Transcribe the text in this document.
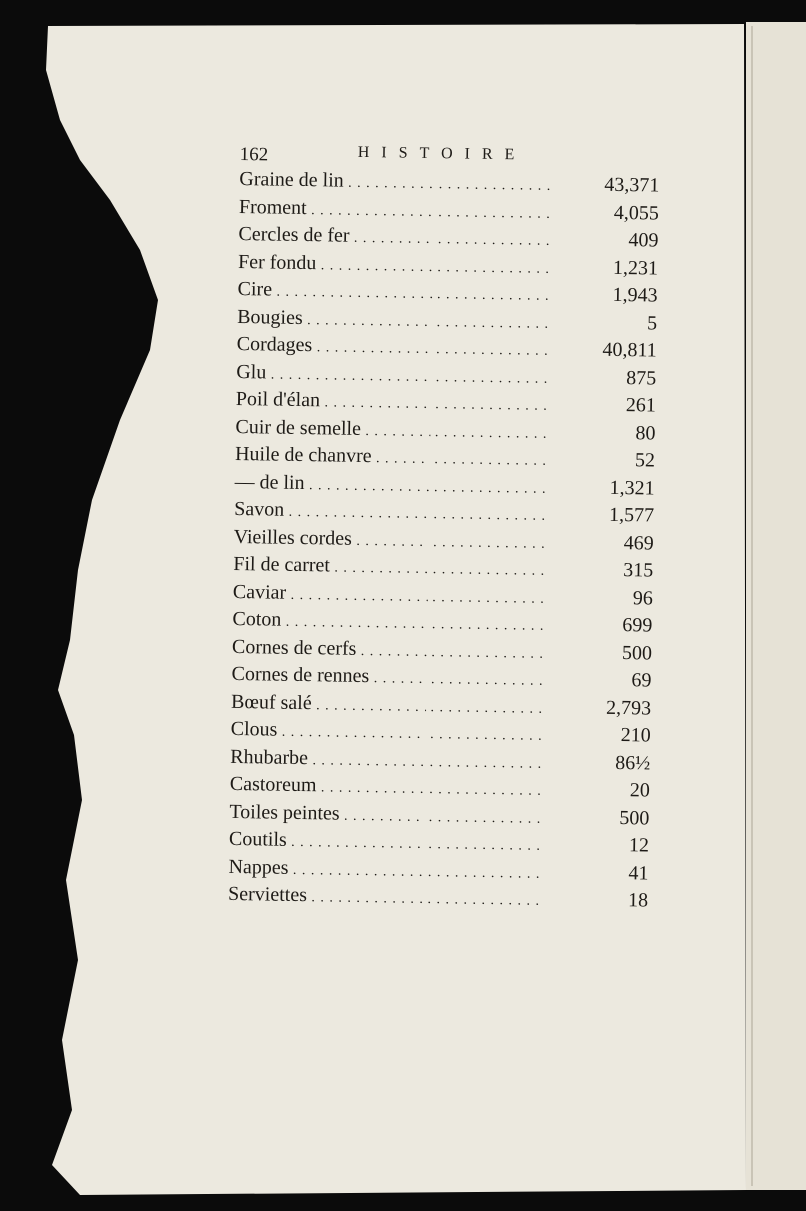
162	HISTOIRE
Graine de lin . . . . . .	43,371
Froment . . . . . .	4,055
Cercles de fer . . . . . .	409
Fer fondu . . . . . .	1,231
Cire . . . . . .	1,943
Bougies . . . . . .	5
Cordages . . . . . .	40,811
Glu . . . . . .	875
Poil d'élan . . . . . .	261
Cuir de semelle . . . . . .	80
Huile de chanvre . . . . . .	52
— de lin . . . . . .	1,321
Savon . . . . . .	1,577
Vieilles cordes . . . . . .	469
Fil de carret . . . . . .	315
Caviar . . . . . .	96
Coton . . . . . .	699
Cornes de cerfs . . . . . .	500
Cornes de rennes . . . . . .	69
Bœuf salé . . . . . .	2,793
Clous . . . . . .	210
Rhubarbe . . . . . .	86½
Castoreum . . . . . .	20
Toiles peintes . . . . . .	500
Coutils . . . . . .	12
Nappes . . . . . .	41
Serviettes . . . . . .	18
